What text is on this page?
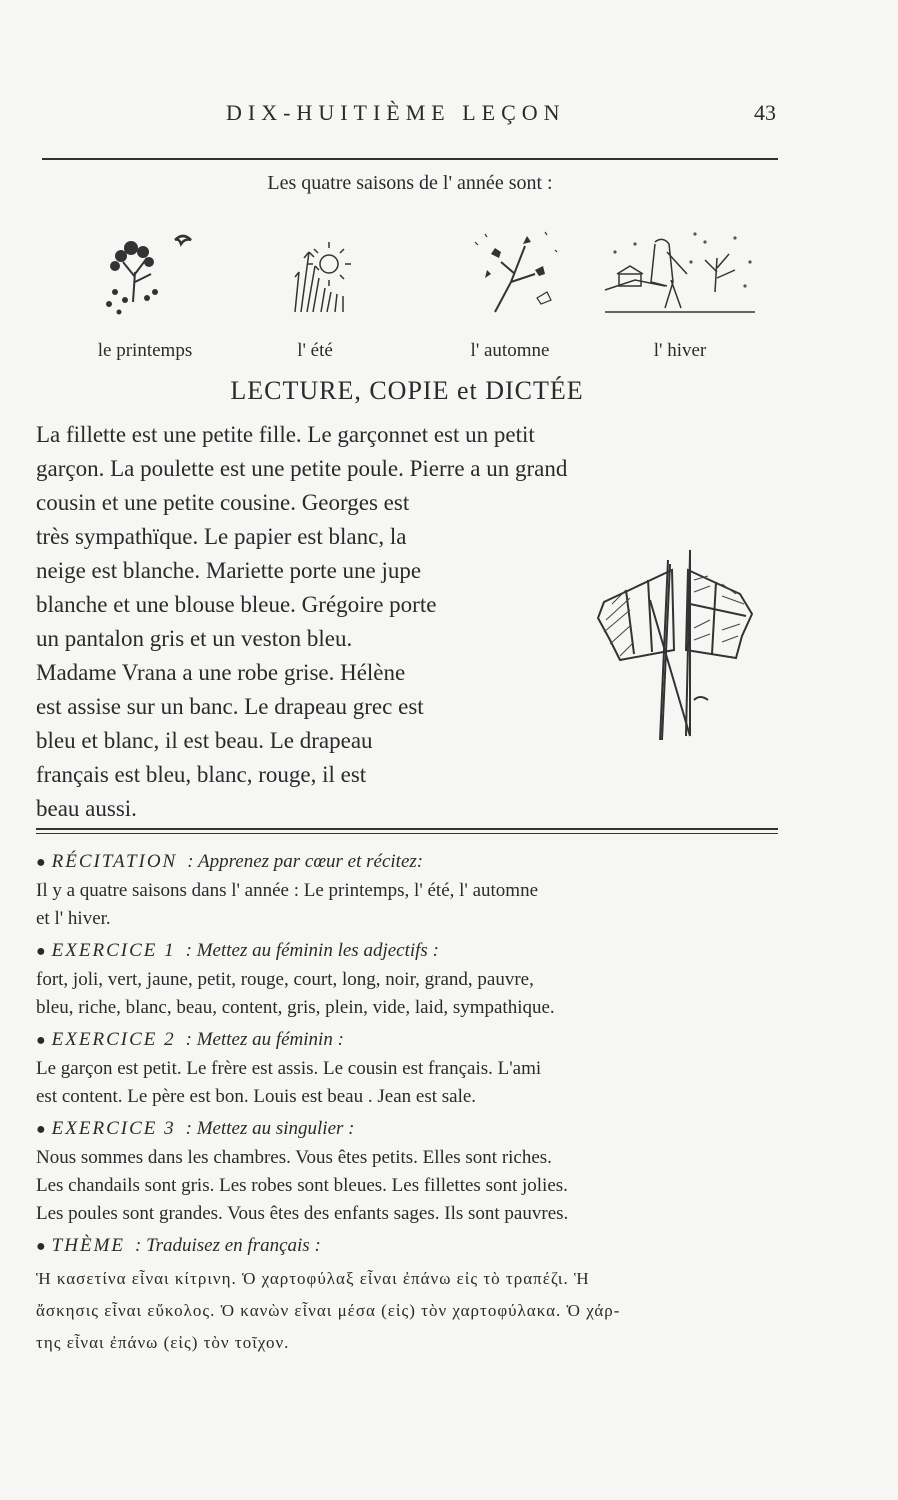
DIX-HUITIÈME LEÇON	43
Les quatre saisons de l' année sont :
le printemps	l' été	l' automne	l' hiver
LECTURE, COPIE et DICTÉE
La fillette est une petite fille. Le garçonnet est un petit
garçon. La poulette est une petite poule. Pierre a un grand
cousin et une petite cousine. Georges est
très sympathïque. Le papier est blanc, la
neige est blanche. Mariette porte une jupe
blanche et une blouse bleue. Grégoire porte
un pantalon gris et un veston bleu.
Madame Vrana a une robe grise. Hélène
est assise sur un banc. Le drapeau grec est
bleu et blanc, il est beau. Le drapeau
français est bleu, blanc, rouge, il est
beau aussi.
● RÉCITATION : Apprenez par cœur et récitez:
Il y a quatre saisons dans l' année : Le printemps, l' été, l' automne
et l' hiver.
● EXERCICE 1 : Mettez au féminin les adjectifs :
fort, joli, vert, jaune, petit, rouge, court, long, noir, grand, pauvre,
bleu, riche, blanc, beau, content, gris, plein, vide, laid, sympathique.
● EXERCICE 2 : Mettez au féminin :
Le garçon est petit. Le frère est assis. Le cousin est français. L'ami
est content. Le père est bon. Louis est beau . Jean est sale.
● EXERCICE 3 : Mettez au singulier :
Nous sommes dans les chambres. Vous êtes petits. Elles sont riches.
Les chandails sont gris. Les robes sont bleues. Les fillettes sont jolies.
Les poules sont grandes. Vous êtes des enfants sages. Ils sont pauvres.
● THÈME : Traduisez en français :
Ἡ κασετίνα εἶναι κίτρινη. Ὁ χαρτοφύλαξ εἶναι ἐπάνω εἰς τὸ τραπέζι. Ἡ
ἄσκησις εἶναι εὔκολος. Ὁ κανὼν εἶναι μέσα (εἰς) τὸν χαρτοφύλακα. Ὁ χάρ-
της εἶναι ἐπάνω (εἰς) τὸν τοῖχον.
